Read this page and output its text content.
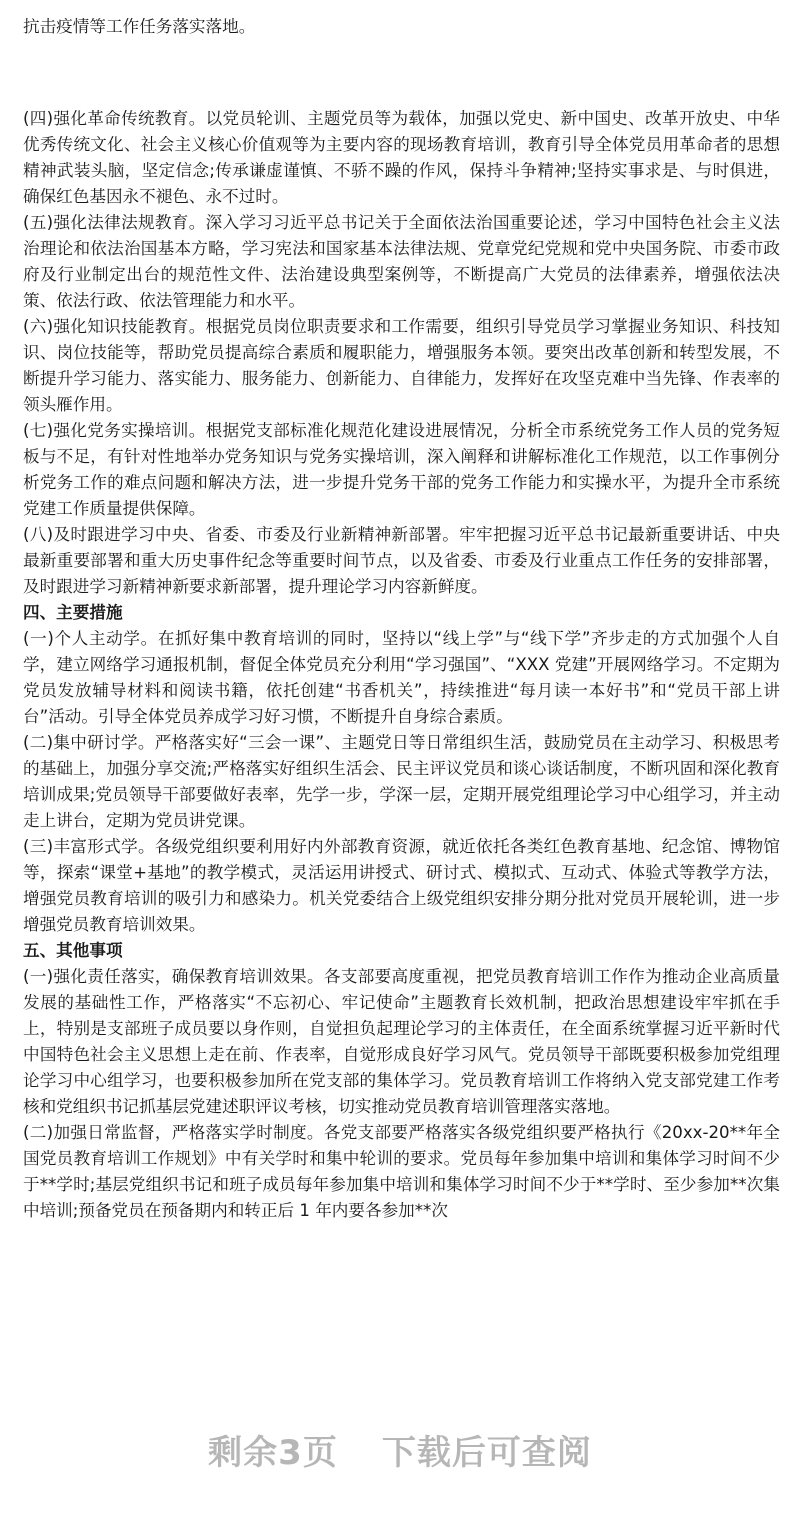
抗击疫情等工作任务落实落地。

(四)强化革命传统教育。以党员轮训、主题党员等为载体，加强以党史、新中国史、改革开放史、中华优秀传统文化、社会主义核心价值观等为主要内容的现场教育培训，教育引导全体党员用革命者的思想精神武装头脑，坚定信念;传承谦虚谨慎、不骄不躁的作风，保持斗争精神;坚持实事求是、与时俱进，确保红色基因永不褪色、永不过时。

(五)强化法律法规教育。深入学习习近平总书记关于全面依法治国重要论述，学习中国特色社会主义法治理论和依法治国基本方略，学习宪法和国家基本法律法规、党章党纪党规和党中央国务院、市委市政府及行业制定出台的规范性文件、法治建设典型案例等，不断提高广大党员的法律素养，增强依法决策、依法行政、依法管理能力和水平。

(六)强化知识技能教育。根据党员岗位职责要求和工作需要，组织引导党员学习掌握业务知识、科技知识、岗位技能等，帮助党员提高综合素质和履职能力，增强服务本领。要突出改革创新和转型发展，不断提升学习能力、落实能力、服务能力、创新能力、自律能力，发挥好在攻坚克难中当先锋、作表率的领头雁作用。

(七)强化党务实操培训。根据党支部标准化规范化建设进展情况，分析全市系统党务工作人员的党务短板与不足，有针对性地举办党务知识与党务实操培训，深入阐释和讲解标准化工作规范，以工作事例分析党务工作的难点问题和解决方法，进一步提升党务干部的党务工作能力和实操水平，为提升全市系统党建工作质量提供保障。

(八)及时跟进学习中央、省委、市委及行业新精神新部署。牢牢把握习近平总书记最新重要讲话、中央最新重要部署和重大历史事件纪念等重要时间节点，以及省委、市委及行业重点工作任务的安排部署，及时跟进学习新精神新要求新部署，提升理论学习内容新鲜度。

四、主要措施

(一)个人主动学。在抓好集中教育培训的同时，坚持以“线上学”与“线下学”齐步走的方式加强个人自学，建立网络学习通报机制，督促全体党员充分利用“学习强国”、“XXX 党建”开展网络学习。不定期为党员发放辅导材料和阅读书籍，依托创建“书香机关”，持续推进“每月读一本好书”和“党员干部上讲台”活动。引导全体党员养成学习好习惯，不断提升自身综合素质。

(二)集中研讨学。严格落实好“三会一课”、主题党日等日常组织生活，鼓励党员在主动学习、积极思考的基础上，加强分享交流;严格落实好组织生活会、民主评议党员和谈心谈话制度，不断巩固和深化教育培训成果;党员领导干部要做好表率，先学一步，学深一层，定期开展党组理论学习中心组学习，并主动走上讲台，定期为党员讲党课。

(三)丰富形式学。各级党组织要利用好内外部教育资源，就近依托各类红色教育基地、纪念馆、博物馆等，探索“课堂+基地”的教学模式，灵活运用讲授式、研讨式、模拟式、互动式、体验式等教学方法，增强党员教育培训的吸引力和感染力。机关党委结合上级党组织安排分期分批对党员开展轮训，进一步增强党员教育培训效果。

五、其他事项

(一)强化责任落实，确保教育培训效果。各支部要高度重视，把党员教育培训工作作为推动企业高质量发展的基础性工作，严格落实“不忘初心、牢记使命”主题教育长效机制，把政治思想建设牢牢抓在手上，特别是支部班子成员要以身作则，自觉担负起理论学习的主体责任，在全面系统掌握习近平新时代中国特色社会主义思想上走在前、作表率，自觉形成良好学习风气。党员领导干部既要积极参加党组理论学习中心组学习，也要积极参加所在党支部的集体学习。党员教育培训工作将纳入党支部党建工作考核和党组织书记抓基层党建述职评议考核，切实推动党员教育培训管理落实落地。

(二)加强日常监督，严格落实学时制度。各党支部要严格落实各级党组织要严格执行《20xx-20**年全国党员教育培训工作规划》中有关学时和集中轮训的要求。党员每年参加集中培训和集体学习时间不少于**学时;基层党组织书记和班子成员每年参加集中培训和集体学习时间不少于**学时、至少参加**次集中培训;预备党员在预备期内和转正后 1 年内要各参加**次

剩余3页 下载后可查阅
